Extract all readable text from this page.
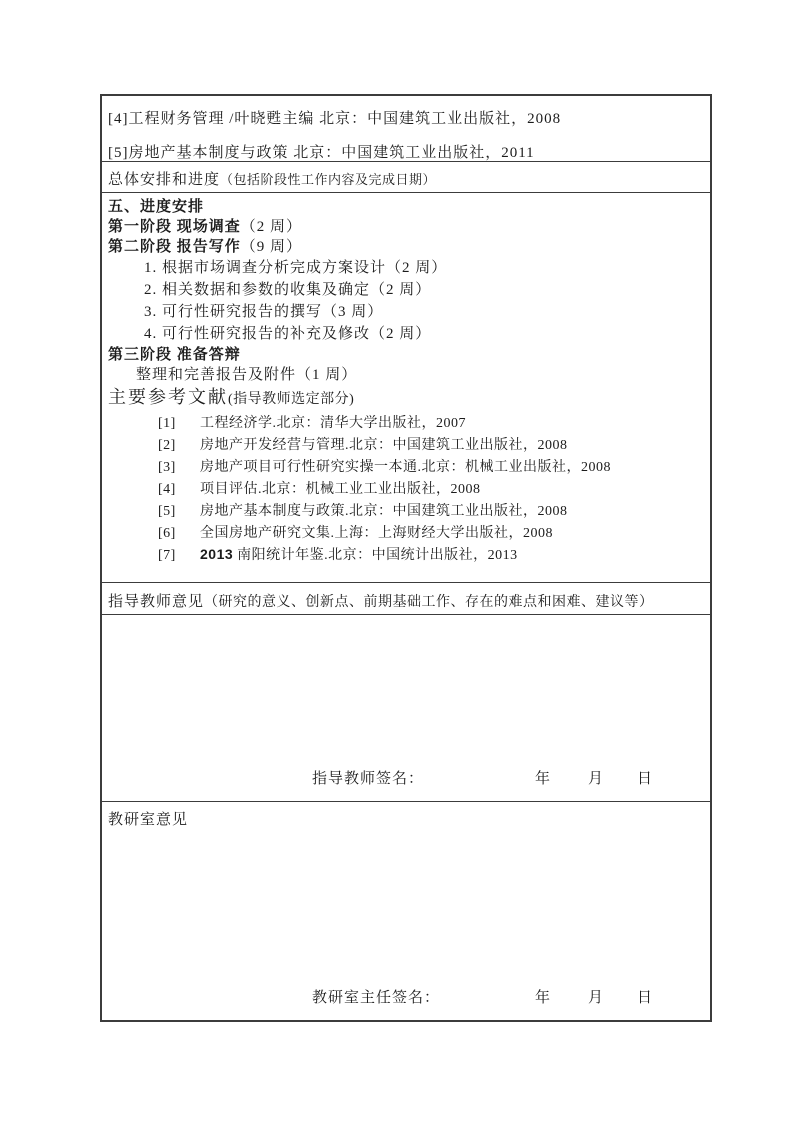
[4]工程财务管理 /叶晓甦主编 北京：中国建筑工业出版社，2008
[5]房地产基本制度与政策 北京：中国建筑工业出版社，2011
总体安排和进度（包括阶段性工作内容及完成日期）
五、进度安排
第一阶段 现场调查（2 周）
第二阶段 报告写作（9 周）
1. 根据市场调查分析完成方案设计（2 周）
2. 相关数据和参数的收集及确定（2 周）
3. 可行性研究报告的撰写（3 周）
4. 可行性研究报告的补充及修改（2 周）
第三阶段 准备答辩
整理和完善报告及附件（1 周）
主要参考文献(指导教师选定部分)
[1] 工程经济学.北京：清华大学出版社，2007
[2] 房地产开发经营与管理.北京：中国建筑工业出版社，2008
[3] 房地产项目可行性研究实操一本通.北京：机械工业出版社，2008
[4] 项目评估.北京：机械工业工业出版社，2008
[5] 房地产基本制度与政策.北京：中国建筑工业出版社，2008
[6] 全国房地产研究文集.上海：上海财经大学出版社，2008
[7] 2013 南阳统计年鉴.北京：中国统计出版社，2013
指导教师意见（研究的意义、创新点、前期基础工作、存在的难点和困难、建议等）
指导教师签名：	年 月 日
教研室意见
教研室主任签名：	年 月 日
